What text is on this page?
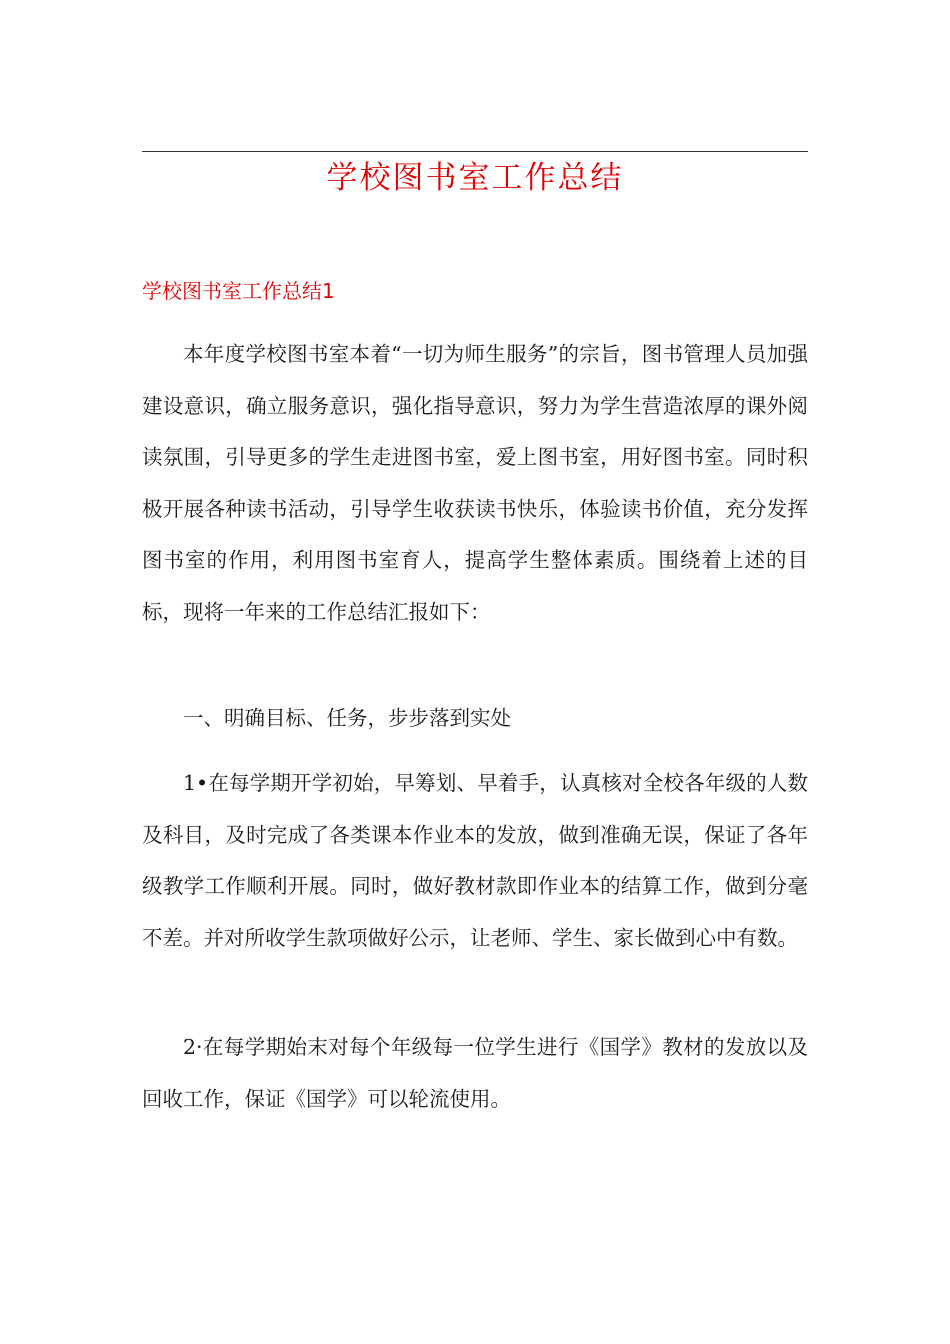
学校图书室工作总结
学校图书室工作总结1

本年度学校图书室本着“一切为师生服务”的宗旨，图书管理人员加强建设意识，确立服务意识，强化指导意识，努力为学生营造浓厚的课外阅读氛围，引导更多的学生走进图书室，爱上图书室，用好图书室。同时积极开展各种读书活动，引导学生收获读书快乐，体验读书价值，充分发挥图书室的作用，利用图书室育人，提高学生整体素质。围绕着上述的目标，现将一年来的工作总结汇报如下：

一、明确目标、任务，步步落到实处

1•在每学期开学初始，早筹划、早着手，认真核对全校各年级的人数及科目，及时完成了各类课本作业本的发放，做到准确无误，保证了各年级教学工作顺利开展。同时，做好教材款即作业本的结算工作，做到分毫不差。并对所收学生款项做好公示，让老师、学生、家长做到心中有数。

2·在每学期始末对每个年级每一位学生进行《国学》教材的发放以及回收工作，保证《国学》可以轮流使用。
